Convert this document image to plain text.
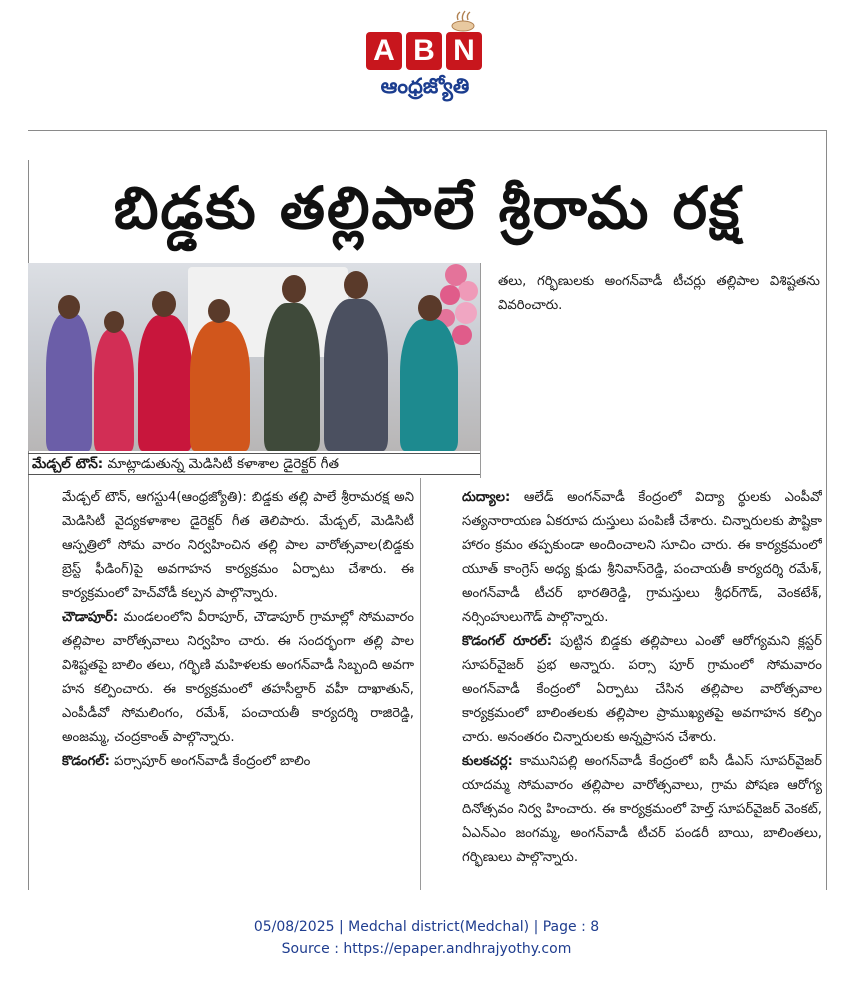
A B N
ఆంధ్రజ్యోతి
బిడ్డకు తల్లిపాలే శ్రీరామ రక్ష
మేడ్చల్ టౌన్: మాట్లాడుతున్న మెడిసిటీ కళాశాల డైరెక్టర్ గీత

తలు, గర్భిణులకు అంగన్‌వాడీ టీచర్లు తల్లిపాల విశిష్టతను వివరించారు.

మేడ్చల్ టౌన్, ఆగస్టు4(ఆంధ్రజ్యోతి): బిడ్డకు తల్లి పాలే శ్రీరామరక్ష అని మెడిసిటీ వైద్యకళాశాల డైరెక్టర్ గీత తెలిపారు. మేడ్చల్, మెడిసిటీ ఆస్పత్రిలో సోమ వారం నిర్వహించిన తల్లి పాల వారోత్సవాల(బిడ్డకు బ్రెస్ట్ ఫీడింగ్)పై అవగాహన కార్యక్రమం ఏర్పాటు చేశారు. ఈ కార్యక్రమంలో హెచ్‌వోడీ కల్పన పాల్గొన్నారు.

చౌడాపూర్: మండలంలోని వీరాపూర్, చౌడాపూర్ గ్రామాల్లో సోమవారం తల్లిపాల వారోత్సవాలు నిర్వహిం చారు. ఈ సందర్భంగా తల్లి పాల విశిష్టతపై బాలిం తలు, గర్భిణి మహిళలకు అంగన్‌వాడీ సిబ్బంది అవగా హన కల్పించారు. ఈ కార్యక్రమంలో తహసీల్దార్ వహీ దాఖాతున్, ఎంపీడీవో సోమలింగం, రమేశ్, పంచాయతీ కార్యదర్శి రాజిరెడ్డి, అంజమ్మ, చంద్రకాంత్ పాల్గొన్నారు.

కొడంగల్: పర్సాపూర్ అంగన్‌వాడీ కేంద్రంలో బాలిం

దుద్యాల: ఆలేడ్ అంగన్‌వాడీ కేంద్రంలో విద్యా ర్థులకు ఎంపీవో సత్యనారాయణ ఏకరూప దుస్తులు పంపిణీ చేశారు. చిన్నారులకు పౌష్టికా హారం క్రమం తప్పకుండా అందించాలని సూచిం చారు. ఈ కార్యక్రమంలో యూత్ కాంగ్రెస్ అధ్య క్షుడు శ్రీనివాస్‌రెడ్డి, పంచాయతీ కార్యదర్శి రమేశ్, అంగన్‌వాడీ టీచర్ భారతిరెడ్డి, గ్రామస్తులు శ్రీధర్‌గౌడ్, వెంకటేశ్, నర్సింహులుగౌడ్ పాల్గొన్నారు.

కొడంగల్ రూరల్: పుట్టిన బిడ్డకు తల్లిపాలు ఎంతో ఆరోగ్యమని క్లస్టర్ సూపర్‌వైజర్ ప్రభ అన్నారు. పర్సా పూర్ గ్రామంలో సోమవారం అంగన్‌వాడీ కేంద్రంలో ఏర్పాటు చేసిన తల్లిపాల వారోత్సవాల కార్యక్రమంలో బాలింతలకు తల్లిపాల ప్రాముఖ్యతపై అవగాహన కల్పిం చారు. అనంతరం చిన్నారులకు అన్నప్రాసన చేశారు.

కులకచర్ల: కామునిపల్లి అంగన్‌వాడీ కేంద్రంలో ఐసీ డీఎస్ సూపర్‌వైజర్ యాదమ్మ సోమవారం తల్లిపాల వారోత్సవాలు, గ్రామ పోషణ ఆరోగ్య దినోత్సవం నిర్వ హించారు. ఈ కార్యక్రమంలో హెల్త్ సూపర్‌వైజర్ వెంకట్, ఏఎన్ఎం జంగమ్మ, అంగన్‌వాడీ టీచర్ పండరీ బాయి, బాలింతలు, గర్భిణులు పాల్గొన్నారు.

05/08/2025 | Medchal district(Medchal) | Page : 8
Source : https://epaper.andhrajyothy.com
